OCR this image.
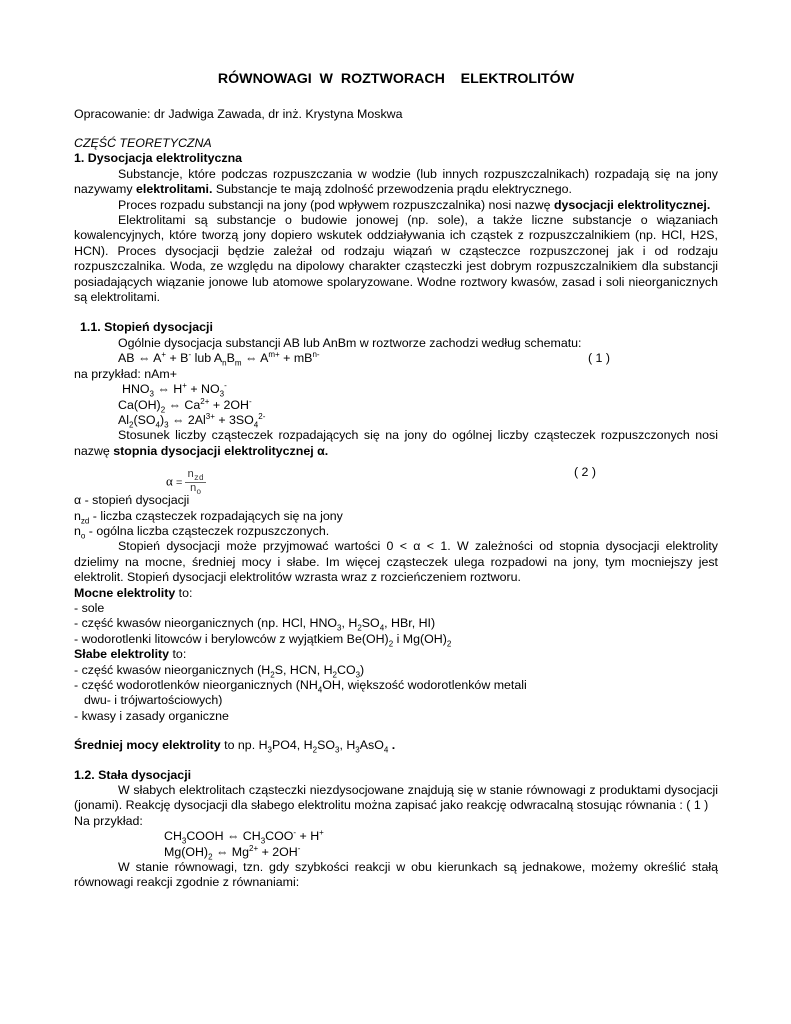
RÓWNOWAGI  W  ROZTWORACH    ELEKTROLITÓW
Opracowanie: dr Jadwiga Zawada, dr inż. Krystyna Moskwa

CZĘŚĆ TEORETYCZNA

1. Dysocjacja elektrolityczna

Substancje, które podczas rozpuszczania w wodzie (lub innych rozpuszczalnikach) rozpadają się na jony nazywamy elektrolitami. Substancje te mają zdolność przewodzenia prądu elektrycznego.

Proces rozpadu substancji na jony (pod wpływem rozpuszczalnika) nosi nazwę dysocjacji elektrolitycznej.

Elektrolitami są substancje o budowie jonowej (np. sole), a także liczne substancje o wiązaniach kowalencyjnych, które tworzą jony dopiero wskutek oddziaływania ich cząstek z rozpuszczalnikiem (np. HCl, H2S, HCN). Proces dysocjacji będzie zależał od rodzaju wiązań w cząsteczce rozpuszczonej jak i od rodzaju rozpuszczalnika. Woda, ze względu na dipolowy charakter cząsteczki jest dobrym rozpuszczalnikiem dla substancji posiadających wiązanie jonowe lub atomowe spolaryzowane. Wodne roztwory kwasów, zasad i soli nieorganicznych są elektrolitami.

1.1. Stopień dysocjacji

Ogólnie dysocjacja substancji AB lub AnBm w roztworze zachodzi według schematu:

AB ⇔ A+ + B- lub $A_nB_m$ ⇔ $A^{m+} + mB^{n-}$	( 1 )

na przykład: nAm+

$HNO_3$ ⇔ $H^+ + NO_3^-$

$Ca(OH)_2$ ⇔ $Ca^{2+} + 2OH^-$

$Al_2(SO_4)_3$ ⇔ $2Al^{3+} + 3SO_4^{2-}$

Stosunek liczby cząsteczek rozpadających się na jony do ogólnej liczby cząsteczek rozpuszczonych nosi nazwę stopnia dysocjacji elektrolitycznej α.

$\alpha = \frac{n_{zd}}{n_o}$	( 2 )

α - stopień dysocjacji

$n_{zd}$ - liczba cząsteczek rozpadających się na jony

$n_o$ - ogólna liczba cząsteczek rozpuszczonych.

Stopień dysocjacji może przyjmować wartości 0 < α < 1. W zależności od stopnia dysocjacji elektrolity dzielimy na mocne, średniej mocy i słabe. Im więcej cząsteczek ulega rozpadowi na jony, tym mocniejszy jest elektrolit. Stopień dysocjacji elektrolitów wzrasta wraz z rozcieńczeniem roztworu.

Mocne elektrolity to:

- sole

- część kwasów nieorganicznych (np. HCl, $HNO_3$, $H_2SO_4$, HBr, HI)

- wodorotlenki litowców i berylowców z wyjątkiem $Be(OH)_2$ i $Mg(OH)_2$

Słabe elektrolity to:

- część kwasów nieorganicznych ($H_2S$, HCN, $H_2CO_3$)

- część wodorotlenków nieorganicznych ($NH_4OH$, większość wodorotlenków metali

dwu- i trójwartościowych)

- kwasy i zasady organiczne

Średniej mocy elektrolity to np. $H_3PO4$, $H_2SO_3$, $H_3AsO_4$ .

1.2. Stała dysocjacji

W słabych elektrolitach cząsteczki niezdysocjowane znajdują się w stanie równowagi z produktami dysocjacji (jonami). Reakcję dysocjacji dla słabego elektrolitu można zapisać jako reakcję odwracalną stosując równania : ( 1 )

Na przykład:

$CH_3COOH$ ⇔ $CH_3COO^- + H^+$

$Mg(OH)_2$ ⇔ $Mg^{2+} + 2OH^-$

W stanie równowagi, tzn. gdy szybkości reakcji w obu kierunkach są jednakowe, możemy określić stałą równowagi reakcji zgodnie z równaniami:
